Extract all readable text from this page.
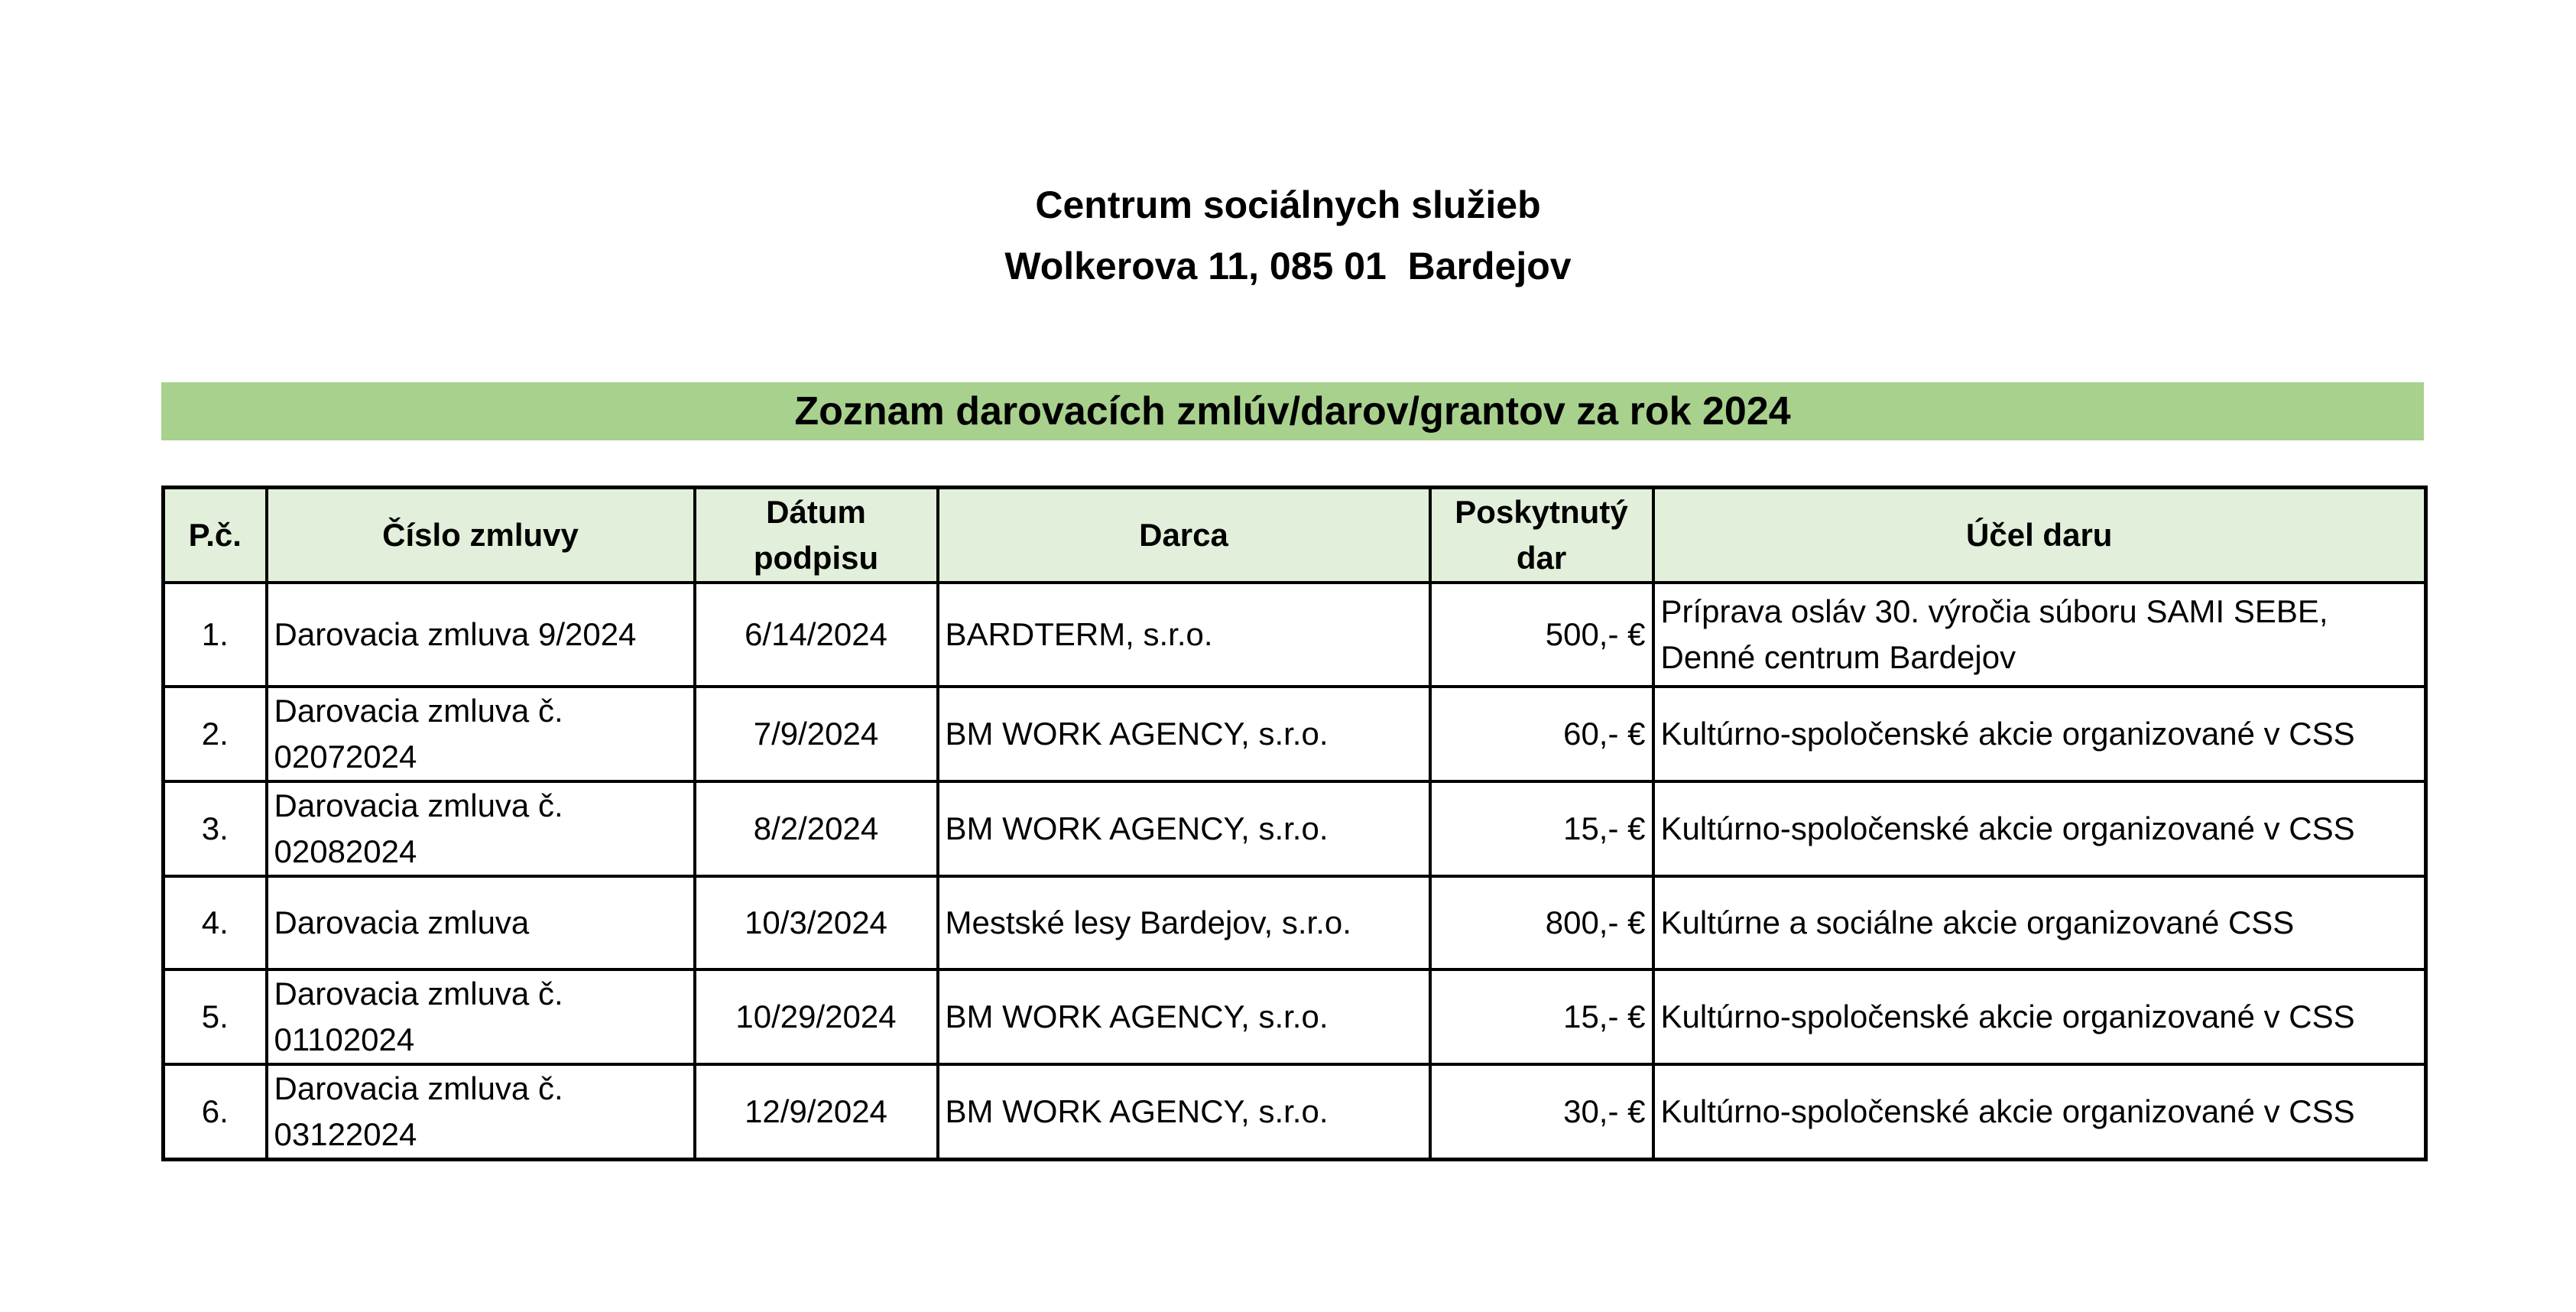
Centrum sociálnych služieb
Wolkerova 11, 085 01  Bardejov
Zoznam darovacích zmlúv/darov/grantov za rok 2024
P.č.	Číslo zmluvy	Dátum podpisu	Darca	Poskytnutý dar	Účel daru
1.	Darovacia zmluva 9/2024	6/14/2024	BARDTERM, s.r.o.	500,- €	Príprava osláv 30. výročia súboru SAMI SEBE, Denné centrum Bardejov
2.	Darovacia zmluva č. 02072024	7/9/2024	BM WORK AGENCY, s.r.o.	60,- €	Kultúrno-spoločenské akcie organizované v CSS
3.	Darovacia zmluva č. 02082024	8/2/2024	BM WORK AGENCY, s.r.o.	15,- €	Kultúrno-spoločenské akcie organizované v CSS
4.	Darovacia zmluva	10/3/2024	Mestské lesy Bardejov, s.r.o.	800,- €	Kultúrne a sociálne akcie organizované CSS
5.	Darovacia zmluva č. 01102024	10/29/2024	BM WORK AGENCY, s.r.o.	15,- €	Kultúrno-spoločenské akcie organizované v CSS
6.	Darovacia zmluva č. 03122024	12/9/2024	BM WORK AGENCY, s.r.o.	30,- €	Kultúrno-spoločenské akcie organizované v CSS
